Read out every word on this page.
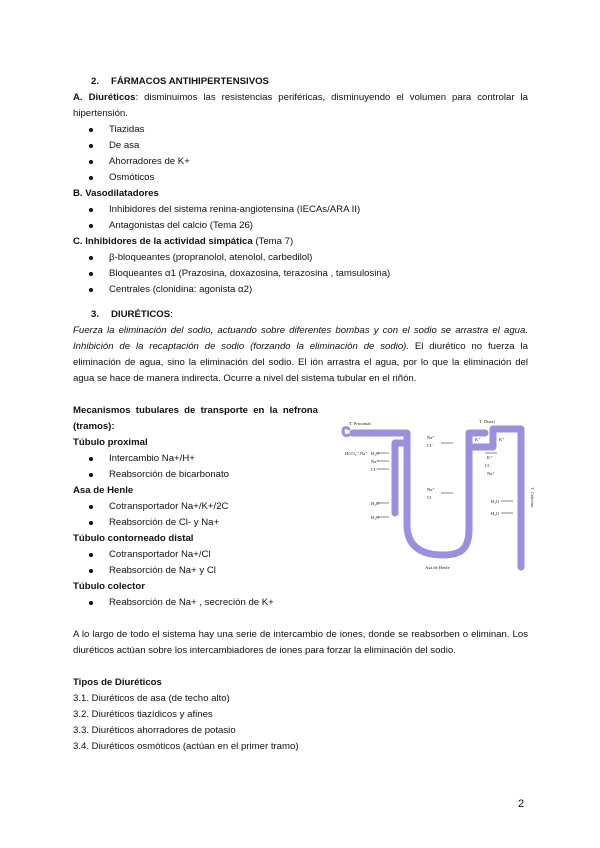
2. FÁRMACOS ANTIHIPERTENSIVOS

A. Diuréticos: disminuimos las resistencias periféricas, disminuyendo el volumen para controlar la hipertensión.

Tiazidas
De asa
Ahorradores de K+
Osmóticos

B. Vasodilatadores

Inhibidores del sistema renina-angiotensina (IECAs/ARA II)
Antagonistas del calcio (Tema 26)

C. Inhibidores de la actividad simpática (Tema 7)

β-bloqueantes (propranolol, atenolol, carbedilol)
Bloqueantes α1 (Prazosina, doxazosina, terazosina , tamsulosina)
Centrales (clonidina: agonista α2)

3. DIURÉTICOS:

Fuerza la eliminación del sodio, actuando sobre diferentes bombas y con el sodio se arrastra el agua. Inhibición de la recaptación de sodio (forzando la eliminación de sodio). El diurético no fuerza la eliminación de agua, sino la eliminación del sodio. El ión arrastra el agua, por lo que la eliminación del agua se hace de manera indirecta. Ocurre a nivel del sistema tubular en el riñón.

Mecanismos tubulares de transporte en la nefrona (tramos):

Túbulo proximal

Intercambio Na+/H+
Reabsorción de bicarbonato

Asa de Henle

Cotransportador Na+/K+/2C
Reabsorción de Cl- y Na+

Túbulo contorneado distal

Cotransportador Na+/Cl
Reabsorción de Na+ y Cl

Túbulo colector

Reabsorción de Na+ , secreción de K+
T. Proximal	T. Distal
Asa de Henle
T. Colector
HCO₃⁻ Na⁺ H₂O
Na⁺
Cl⁻
H₂O
H₂O
Na⁺
Cl⁻
Na⁺
Cl
K⁺	K⁺
K⁺
Cl
H₂O
H₂O
Na⁺

A lo largo de todo el sistema hay una serie de intercambio de iones, donde se reabsorben o eliminan. Los diuréticos actúan sobre los intercambiadores de iones para forzar la eliminación del sodio.

Tipos de Diuréticos

3.1. Diuréticos de asa (de techo alto)

3.2. Diuréticos tiazídicos y afines

3.3. Diuréticos ahorradores de potasio

3.4. Diuréticos osmóticos (actúan en el primer tramo)

2
